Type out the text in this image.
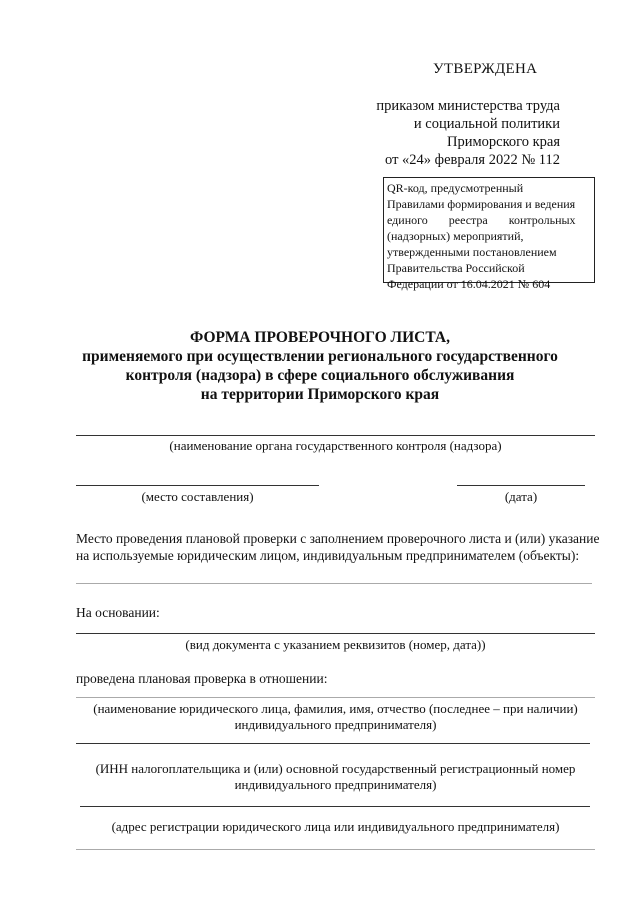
УТВЕРЖДЕНА
приказом министерства труда
и социальной политики
Приморского края
от «24» февраля 2022 № 112
QR-код, предусмотренный
Правилами формирования и ведения
единого реестра контрольных
(надзорных) мероприятий,
утвержденными постановлением
Правительства Российской
Федерации от 16.04.2021 № 604
ФОРМА ПРОВЕРОЧНОГО ЛИСТА,
применяемого при осуществлении регионального государственного
контроля (надзора) в сфере социального обслуживания
на территории Приморского края
(наименование органа государственного контроля (надзора)
(место составления)	(дата)
Место проведения плановой проверки с заполнением проверочного листа и (или) указание
на используемые юридическим лицом, индивидуальным предпринимателем (объекты):
На основании:
(вид документа с указанием реквизитов (номер, дата))
проведена плановая проверка в отношении:
(наименование юридического лица, фамилия, имя, отчество (последнее – при наличии)
индивидуального предпринимателя)
(ИНН налогоплательщика и (или) основной государственный регистрационный номер
индивидуального предпринимателя)
(адрес регистрации юридического лица или индивидуального предпринимателя)
